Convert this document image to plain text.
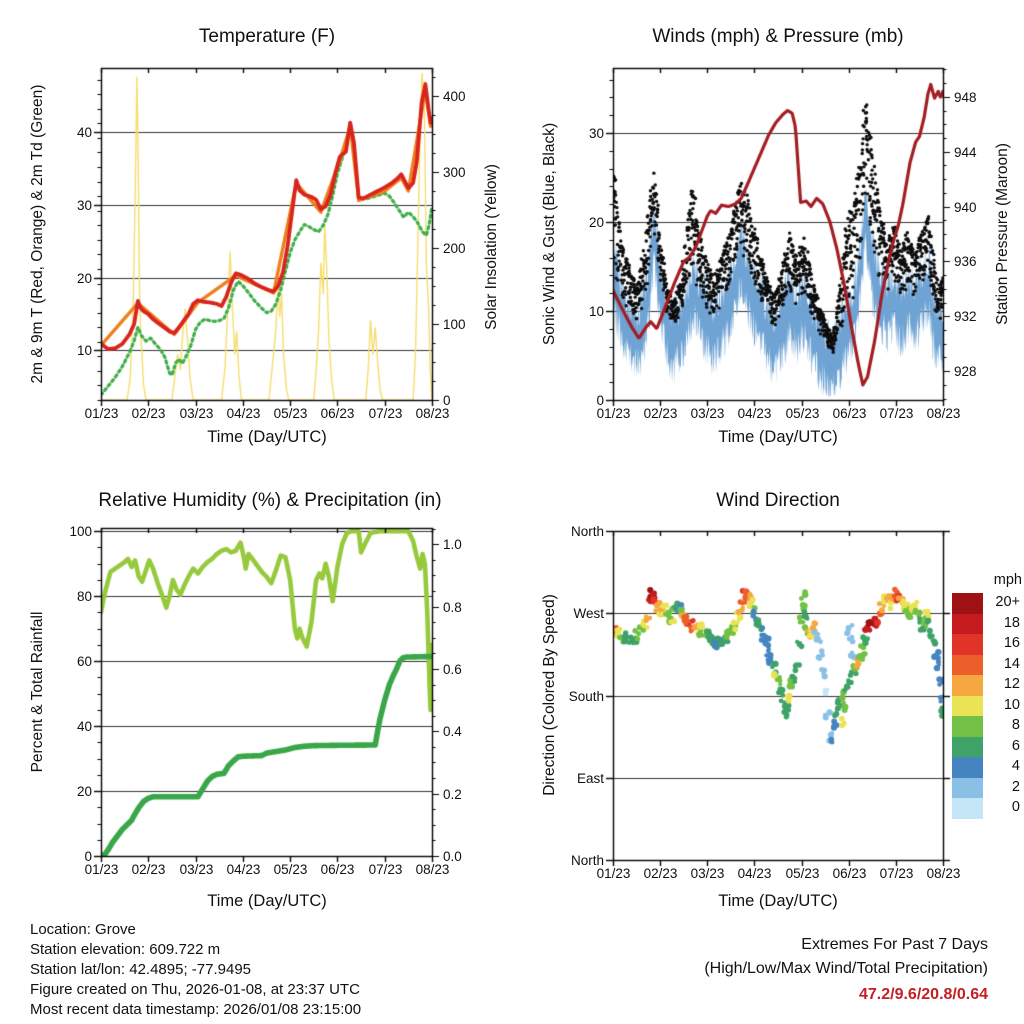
Temperature (F)	Winds (mph) & Pressure (mb)
Relative Humidity (%) & Precipitation (in)	Wind Direction
Time (Day/UTC)	Time (Day/UTC)
Time (Day/UTC)	Time (Day/UTC)
2m & 9m T (Red, Orange) & 2m Td (Green)	Solar Insolation (Yellow)	Sonic Wind & Gust (Blue, Black)	Station Pressure (Maroon)
Percent & Total Rainfall	Direction (Colored By Speed)
mph
Location: Grove
Station elevation: 609.722 m
Station lat/lon: 42.4895; -77.9495
Figure created on Thu, 2026-01-08, at 23:37 UTC
Most recent data timestamp: 2026/01/08 23:15:00
Extremes For Past 7 Days
(High/Low/Max Wind/Total Precipitation)
47.2/9.6/20.8/0.64
01/23 02/23	03/23 04/23 05/23 06/23	07/23 08/23
10
20
30
40
0
100
200
300
400
01/23 02/23 03/23 04/23	05/23 06/23 07/23 08/23
0
10
20
30
928
932
936
940
944
948
01/23 02/23	03/23 04/23 05/23 06/23	07/23 08/23
0
20
40
60
80
100
0.0
0.2
0.4
0.6
0.8
1.0
01/23 02/23 03/23 04/23	05/23 06/23 07/23 08/23
North
West
South
East
North
20+
18
16
14
12
10
8
6
4
2
0
